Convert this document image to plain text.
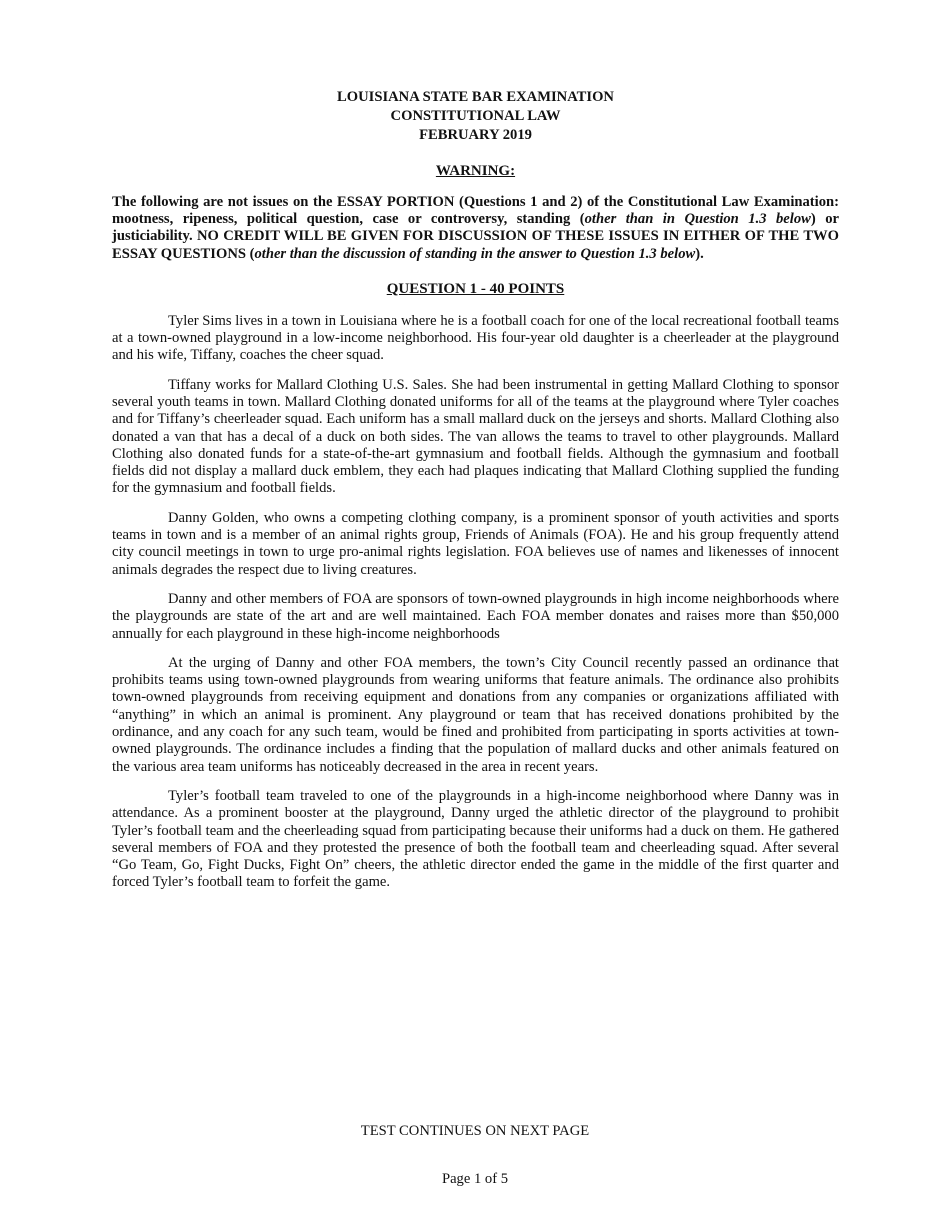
LOUISIANA STATE BAR EXAMINATION
CONSTITUTIONAL LAW
FEBRUARY 2019
WARNING:
The following are not issues on the ESSAY PORTION (Questions 1 and 2) of the Constitutional Law Examination: mootness, ripeness, political question, case or controversy, standing (other than in Question 1.3 below) or justiciability. NO CREDIT WILL BE GIVEN FOR DISCUSSION OF THESE ISSUES IN EITHER OF THE TWO ESSAY QUESTIONS (other than the discussion of standing in the answer to Question 1.3 below).
QUESTION 1 - 40 POINTS

Tyler Sims lives in a town in Louisiana where he is a football coach for one of the local recreational football teams at a town-owned playground in a low-income neighborhood. His four-year old daughter is a cheerleader at the playground and his wife, Tiffany, coaches the cheer squad.

Tiffany works for Mallard Clothing U.S. Sales. She had been instrumental in getting Mallard Clothing to sponsor several youth teams in town. Mallard Clothing donated uniforms for all of the teams at the playground where Tyler coaches and for Tiffany’s cheerleader squad. Each uniform has a small mallard duck on the jerseys and shorts. Mallard Clothing also donated a van that has a decal of a duck on both sides. The van allows the teams to travel to other playgrounds. Mallard Clothing also donated funds for a state-of-the-art gymnasium and football fields. Although the gymnasium and football fields did not display a mallard duck emblem, they each had plaques indicating that Mallard Clothing supplied the funding for the gymnasium and football fields.

Danny Golden, who owns a competing clothing company, is a prominent sponsor of youth activities and sports teams in town and is a member of an animal rights group, Friends of Animals (FOA). He and his group frequently attend city council meetings in town to urge pro-animal rights legislation. FOA believes use of names and likenesses of innocent animals degrades the respect due to living creatures.

Danny and other members of FOA are sponsors of town-owned playgrounds in high income neighborhoods where the playgrounds are state of the art and are well maintained. Each FOA member donates and raises more than $50,000 annually for each playground in these high-income neighborhoods

At the urging of Danny and other FOA members, the town’s City Council recently passed an ordinance that prohibits teams using town-owned playgrounds from wearing uniforms that feature animals. The ordinance also prohibits town-owned playgrounds from receiving equipment and donations from any companies or organizations affiliated with “anything” in which an animal is prominent. Any playground or team that has received donations prohibited by the ordinance, and any coach for any such team, would be fined and prohibited from participating in sports activities at town-owned playgrounds. The ordinance includes a finding that the population of mallard ducks and other animals featured on the various area team uniforms has noticeably decreased in the area in recent years.

Tyler’s football team traveled to one of the playgrounds in a high-income neighborhood where Danny was in attendance. As a prominent booster at the playground, Danny urged the athletic director of the playground to prohibit Tyler’s football team and the cheerleading squad from participating because their uniforms had a duck on them. He gathered several members of FOA and they protested the presence of both the football team and cheerleading squad. After several “Go Team, Go, Fight Ducks, Fight On” cheers, the athletic director ended the game in the middle of the first quarter and forced Tyler’s football team to forfeit the game.

TEST CONTINUES ON NEXT PAGE
Page 1 of 5
